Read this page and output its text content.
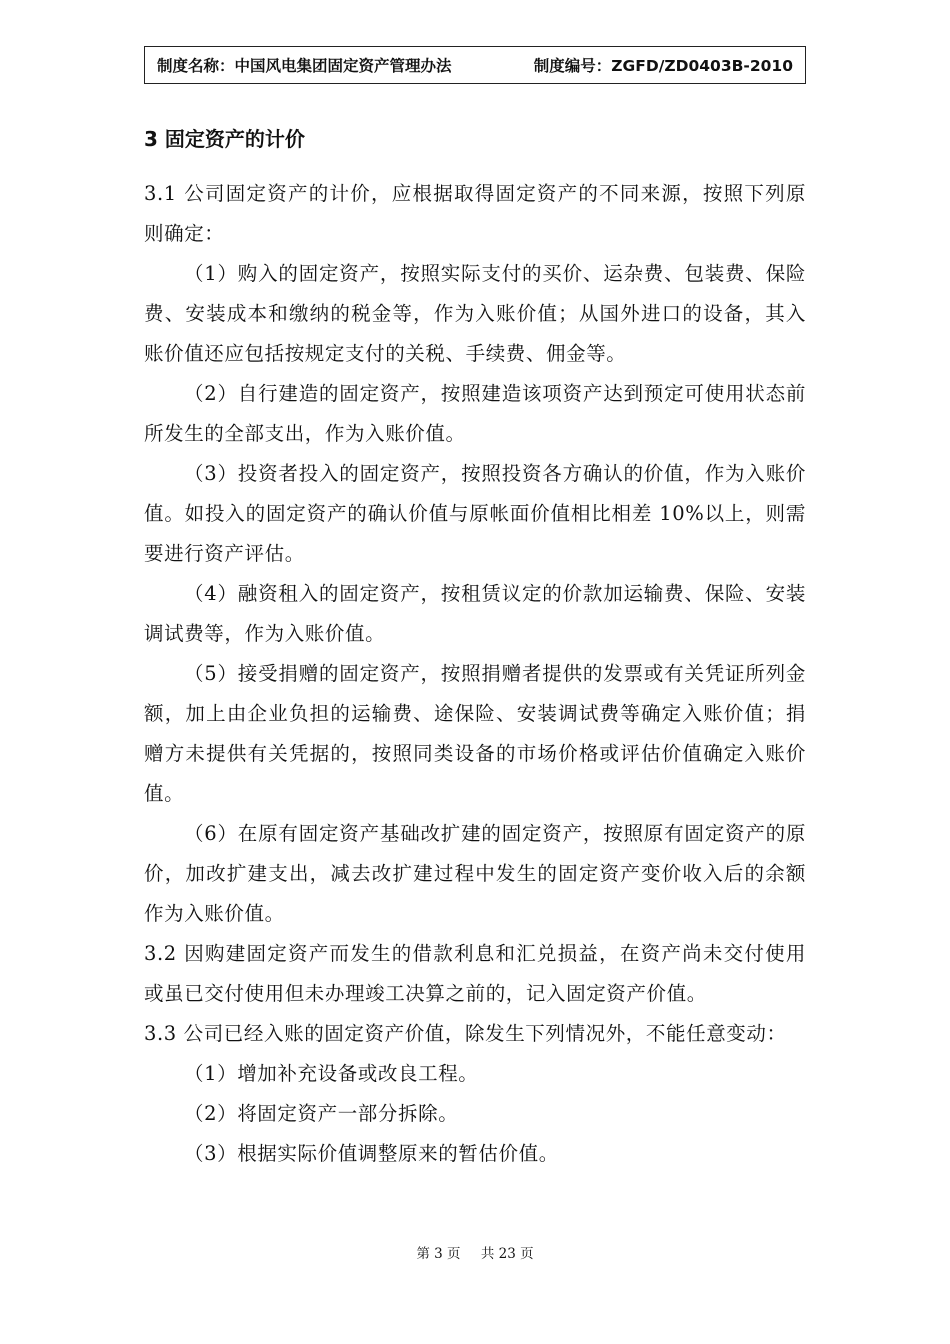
制度名称：中国风电集团固定资产管理办法	制度编号：ZGFD/ZD0403B-2010
3 固定资产的计价

3.1 公司固定资产的计价，应根据取得固定资产的不同来源，按照下列原则确定：

（1）购入的固定资产，按照实际支付的买价、运杂费、包装费、保险费、安装成本和缴纳的税金等，作为入账价值；从国外进口的设备，其入账价值还应包括按规定支付的关税、手续费、佣金等。

（2）自行建造的固定资产，按照建造该项资产达到预定可使用状态前所发生的全部支出，作为入账价值。

（3）投资者投入的固定资产，按照投资各方确认的价值，作为入账价值。如投入的固定资产的确认价值与原帐面价值相比相差 10%以上，则需要进行资产评估。

（4）融资租入的固定资产，按租赁议定的价款加运输费、保险、安装调试费等，作为入账价值。

（5）接受捐赠的固定资产，按照捐赠者提供的发票或有关凭证所列金额，加上由企业负担的运输费、途保险、安装调试费等确定入账价值；捐赠方未提供有关凭据的，按照同类设备的市场价格或评估价值确定入账价值。

（6）在原有固定资产基础改扩建的固定资产，按照原有固定资产的原价，加改扩建支出，减去改扩建过程中发生的固定资产变价收入后的余额作为入账价值。

3.2 因购建固定资产而发生的借款利息和汇兑损益，在资产尚未交付使用或虽已交付使用但未办理竣工决算之前的，记入固定资产价值。

3.3 公司已经入账的固定资产价值，除发生下列情况外，不能任意变动：

（1）增加补充设备或改良工程。

（2）将固定资产一部分拆除。

（3）根据实际价值调整原来的暂估价值。

第 3 页 共 23 页
